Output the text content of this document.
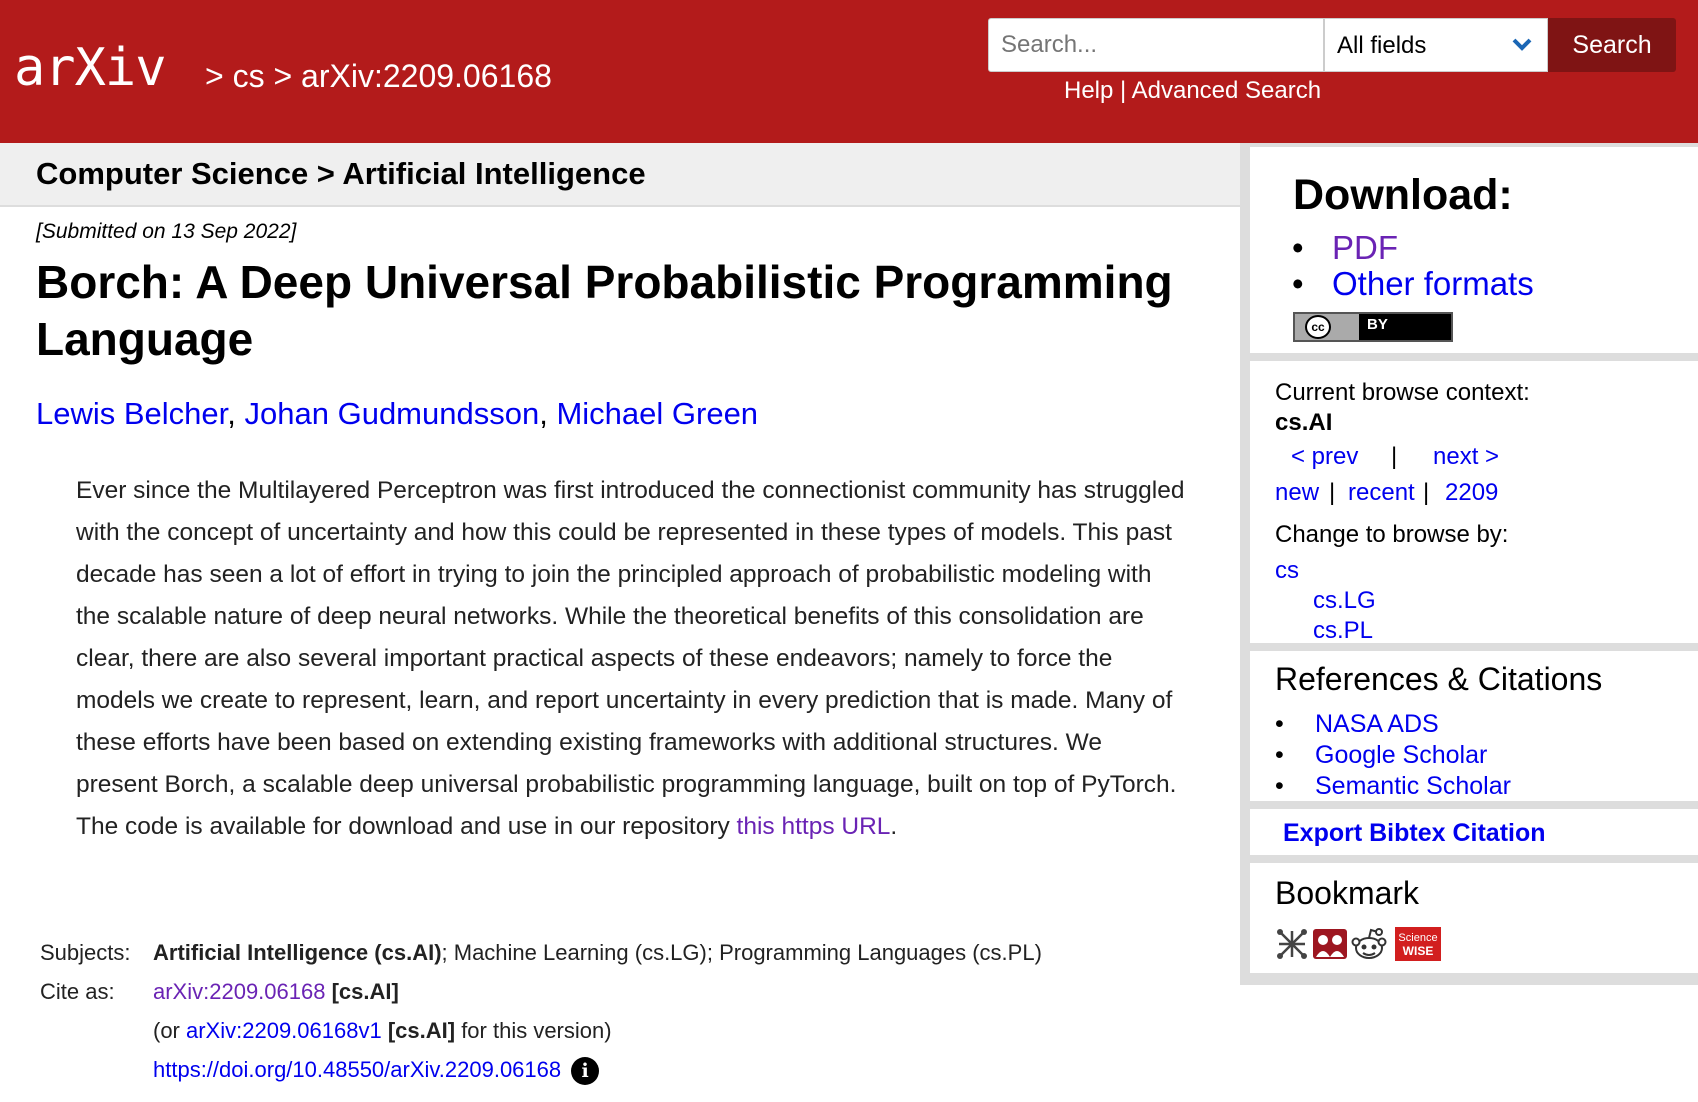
arXiv > cs > arXiv:2209.06168
Search...
All fields	Search
Help | Advanced Search
Computer Science > Artificial Intelligence
[Submitted on 13 Sep 2022]
Borch: A Deep Universal Probabilistic Programming Language
Lewis Belcher, Johan Gudmundsson, Michael Green
Ever since the Multilayered Perceptron was first introduced the connectionist community has struggled with the concept of uncertainty and how this could be represented in these types of models. This past decade has seen a lot of effort in trying to join the principled approach of probabilistic modeling with the scalable nature of deep neural networks. While the theoretical benefits of this consolidation are clear, there are also several important practical aspects of these endeavors; namely to force the models we create to represent, learn, and report uncertainty in every prediction that is made. Many of these efforts have been based on extending existing frameworks with additional structures. We present Borch, a scalable deep universal probabilistic programming language, built on top of PyTorch. The code is available for download and use in our repository this https URL.
Subjects: Artificial Intelligence (cs.AI); Machine Learning (cs.LG); Programming Languages (cs.PL)
Cite as: arXiv:2209.06168 [cs.AI]
(or arXiv:2209.06168v1 [cs.AI] for this version)
https://doi.org/10.48550/arXiv.2209.06168 i
Download:
• PDF
• Other formats
cc	BY
Current browse context:
cs.AI
< prev | next >
new | recent | 2209
Change to browse by:
cs
cs.LG
cs.PL
References & Citations
• NASA ADS
• Google Scholar
• Semantic Scholar
Export Bibtex Citation
Bookmark
Science
WISE
